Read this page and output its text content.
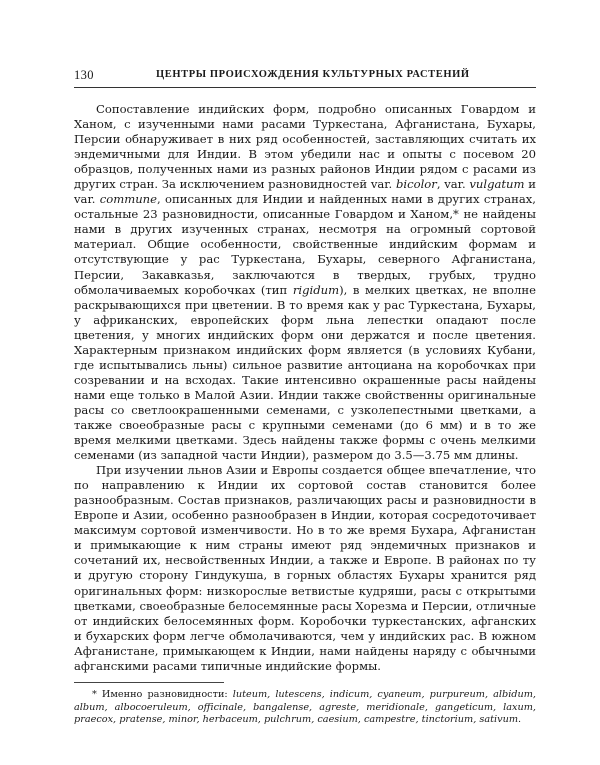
130	ЦЕНТРЫ ПРОИСХОЖДЕНИЯ КУЛЬТУРНЫХ РАСТЕНИЙ

Сопоставление индийских форм, подробно описанных Говардом и Ханом, с изученными нами расами Туркестана, Афганистана, Бухары, Персии обнаруживает в них ряд особенностей, заставляющих считать их эндемичными для Индии. В этом убедили нас и опыты с посевом 20 образцов, полученных нами из разных районов Индии рядом с расами из других стран. За исключением разновидностей var. bicolor, var. vulgatum и var. commune, описанных для Индии и найденных нами в других странах, остальные 23 разновидности, описанные Говардом и Ханом,* не найдены нами в других изученных странах, несмотря на огромный сортовой материал. Общие особенности, свойственные индийским формам и отсутствующие у рас Туркестана, Бухары, северного Афганистана, Персии, Закавказья, заключаются в твердых, грубых, трудно обмолачиваемых коробочках (тип rigidum), в мелких цветках, не вполне раскрывающихся при цветении. В то время как у рас Туркестана, Бухары, у африканских, европейских форм льна лепестки опадают после цветения, у многих индийских форм они держатся и после цветения. Характерным признаком индийских форм является (в условиях Кубани, где испытывались льны) сильное развитие антоциана на коробочках при созревании и на всходах. Такие интенсивно окрашенные расы найдены нами еще только в Малой Азии. Индии также свойственны оригинальные расы со светлоокрашенными семенами, с узколепестными цветками, а также своеобразные расы с крупными семенами (до 6 мм) и в то же время мелкими цветками. Здесь найдены также формы с очень мелкими семенами (из западной части Индии), размером до 3.5—3.75 мм длины.

При изучении льнов Азии и Европы создается общее впечатление, что по направлению к Индии их сортовой состав становится более разнообразным. Состав признаков, различающих расы и разновидности в Европе и Азии, особенно разнообразен в Индии, которая сосредоточивает максимум сортовой изменчивости. Но в то же время Бухара, Афганистан и примыкающие к ним страны имеют ряд эндемичных признаков и сочетаний их, несвойственных Индии, а также и Европе. В районах по ту и другую сторону Гиндукуша, в горных областях Бухары хранится ряд оригинальных форм: низкорослые ветвистые кудряши, расы с открытыми цветками, своеобразные белосемянные расы Хорезма и Персии, отличные от индийских белосемянных форм. Коробочки туркестанских, афганских и бухарских форм легче обмолачиваются, чем у индийских рас. В южном Афганистане, примыкающем к Индии, нами найдены наряду с обычными афганскими расами типичные индийские формы.

* Именно разновидности: luteum, lutescens, indicum, cyaneum, purpureum, albidum, album, albocoeruleum, officinale, bangalense, agreste, meridionale, gangeticum, laxum, praecox, pratense, minor, herbaceum, pulchrum, caesium, campestre, tinctorium, sativum.
